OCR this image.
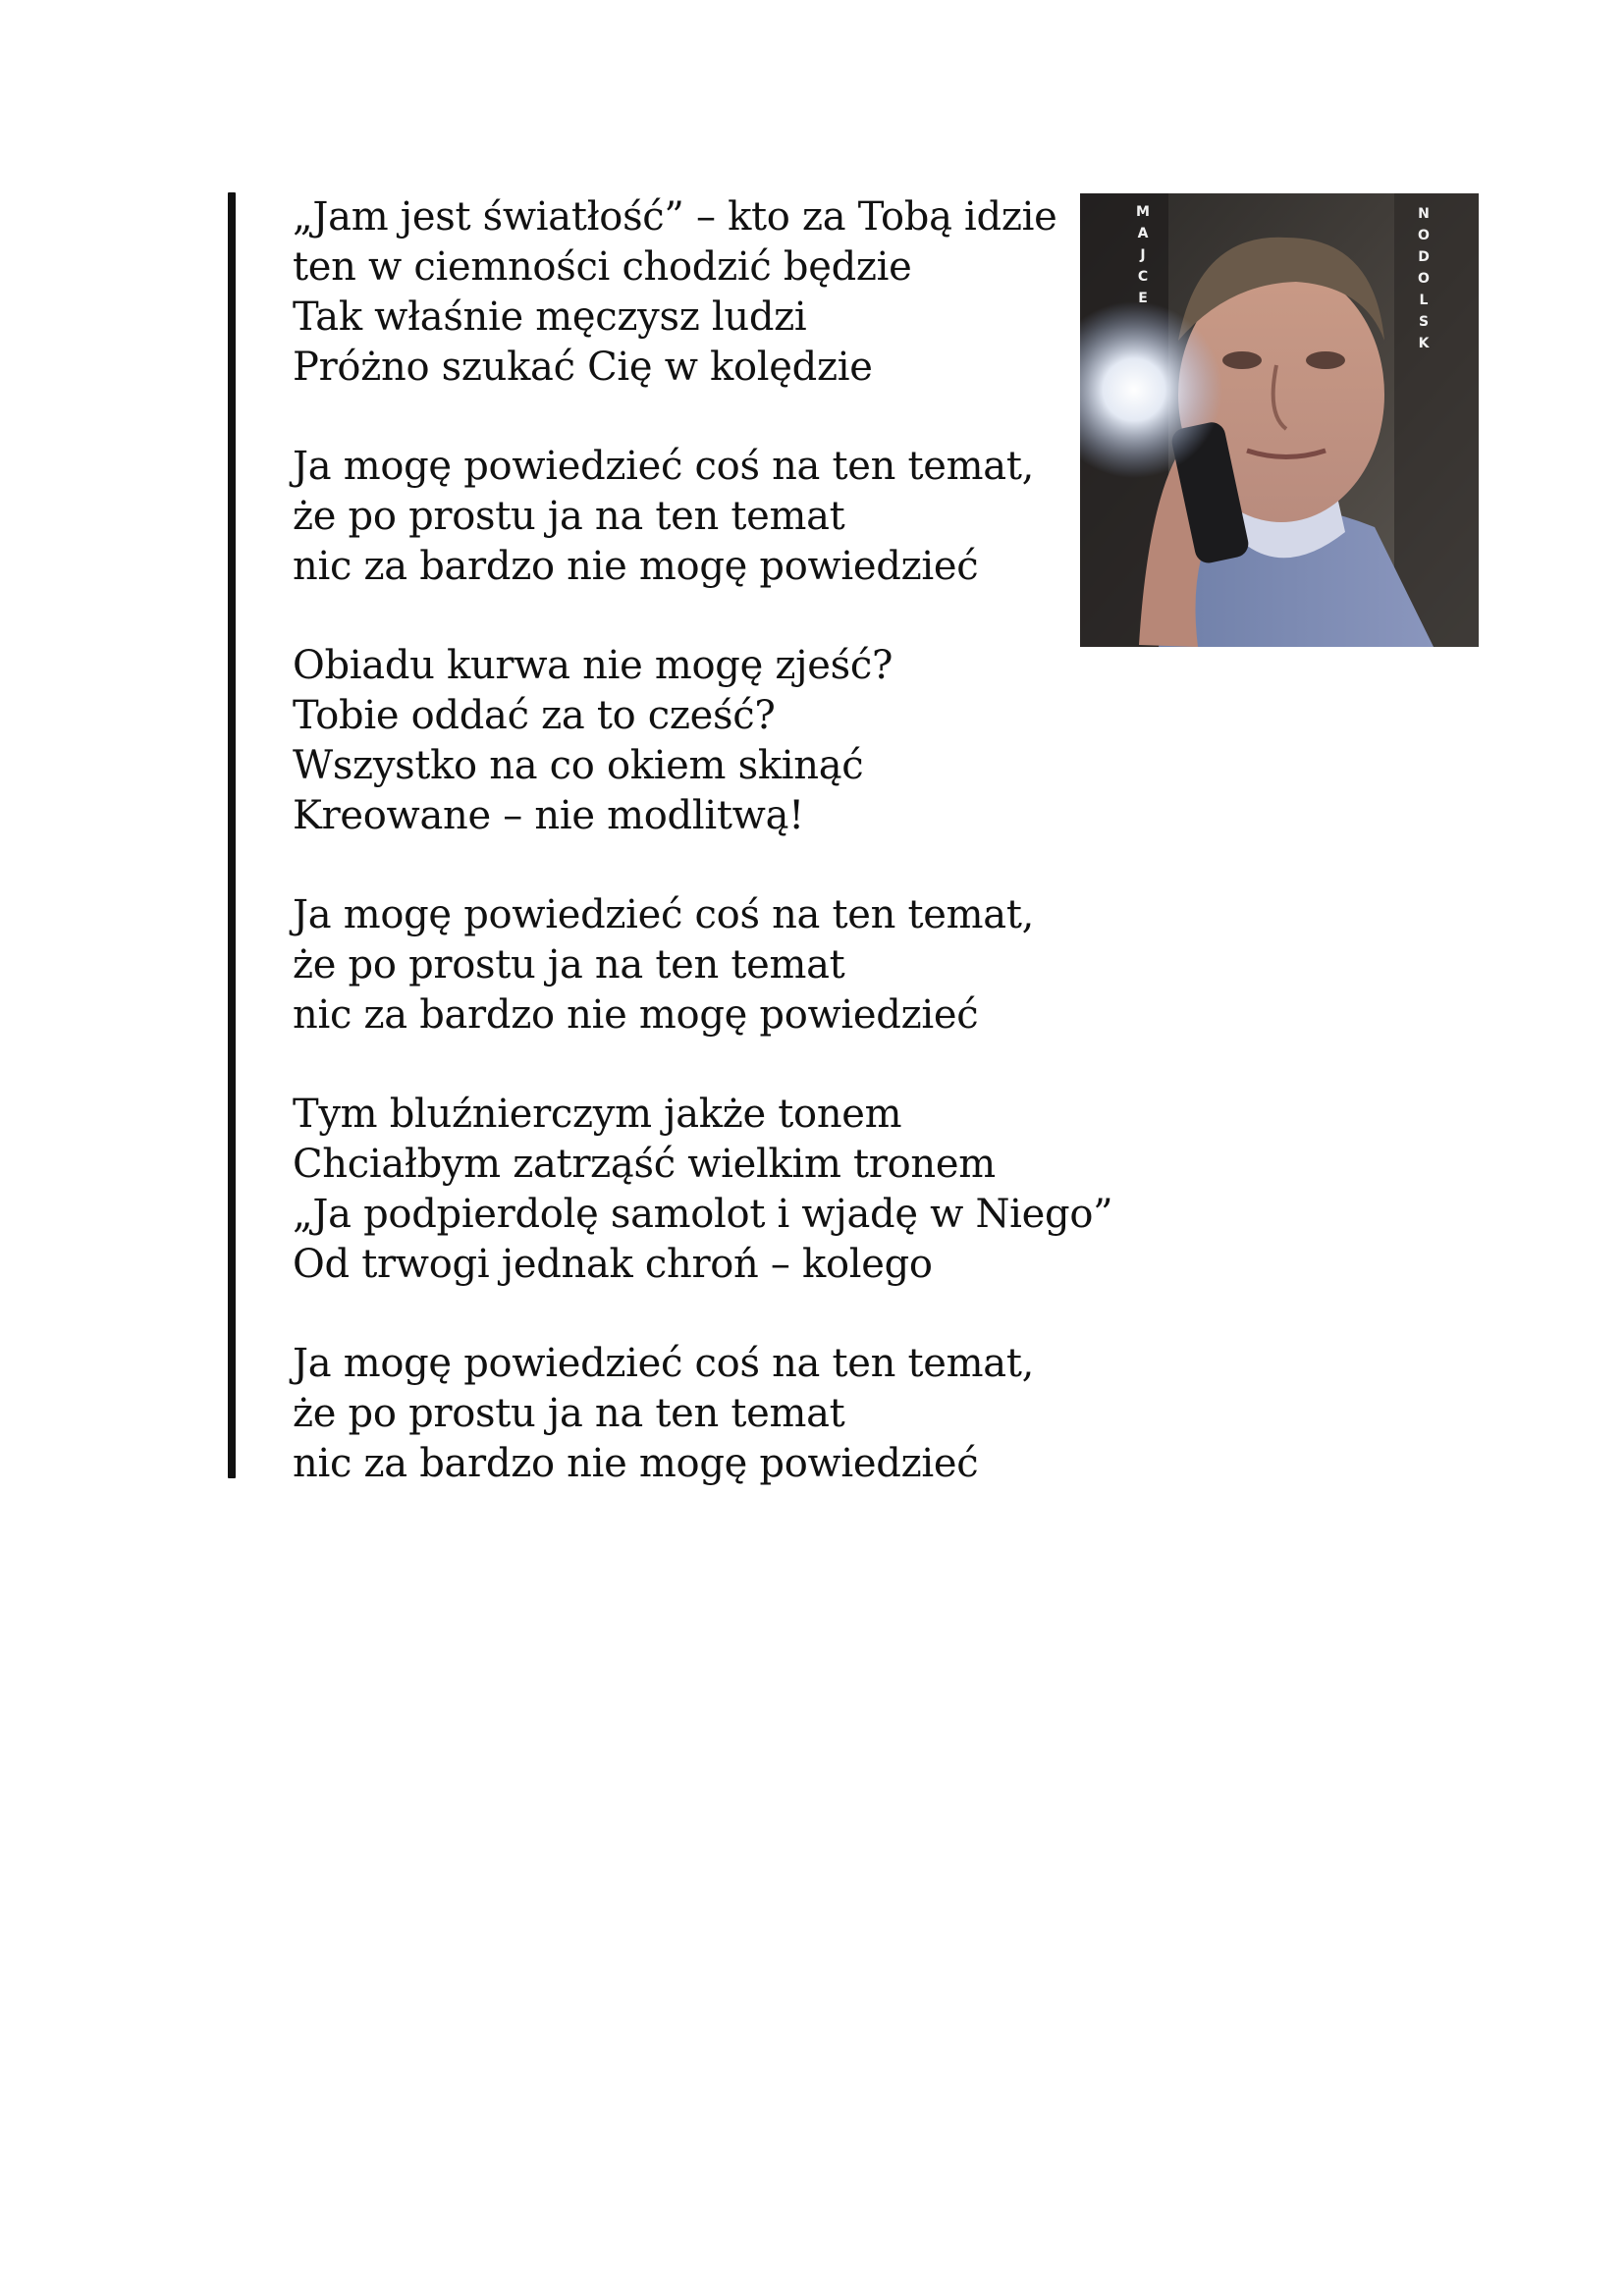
„Jam jest światłość” – kto za Tobą idzie
ten w ciemności chodzić będzie
Tak właśnie męczysz ludzi
Próżno szukać Cię w kolędzie
Ja mogę powiedzieć coś na ten temat,
że po prostu ja na ten temat
nic za bardzo nie mogę powiedzieć
Obiadu kurwa nie mogę zjeść?
Tobie oddać za to cześć?
Wszystko na co okiem skinąć
Kreowane – nie modlitwą!
Ja mogę powiedzieć coś na ten temat,
że po prostu ja na ten temat
nic za bardzo nie mogę powiedzieć
Tym bluźnierczym jakże tonem
Chciałbym zatrząść wielkim tronem
„Ja podpierdolę samolot i wjadę w Niego”
Od trwogi jednak chroń – kolego
Ja mogę powiedzieć coś na ten temat,
że po prostu ja na ten temat
nic za bardzo nie mogę powiedzieć
M
A
J
C
E
N
O
D
O
L
S
K
